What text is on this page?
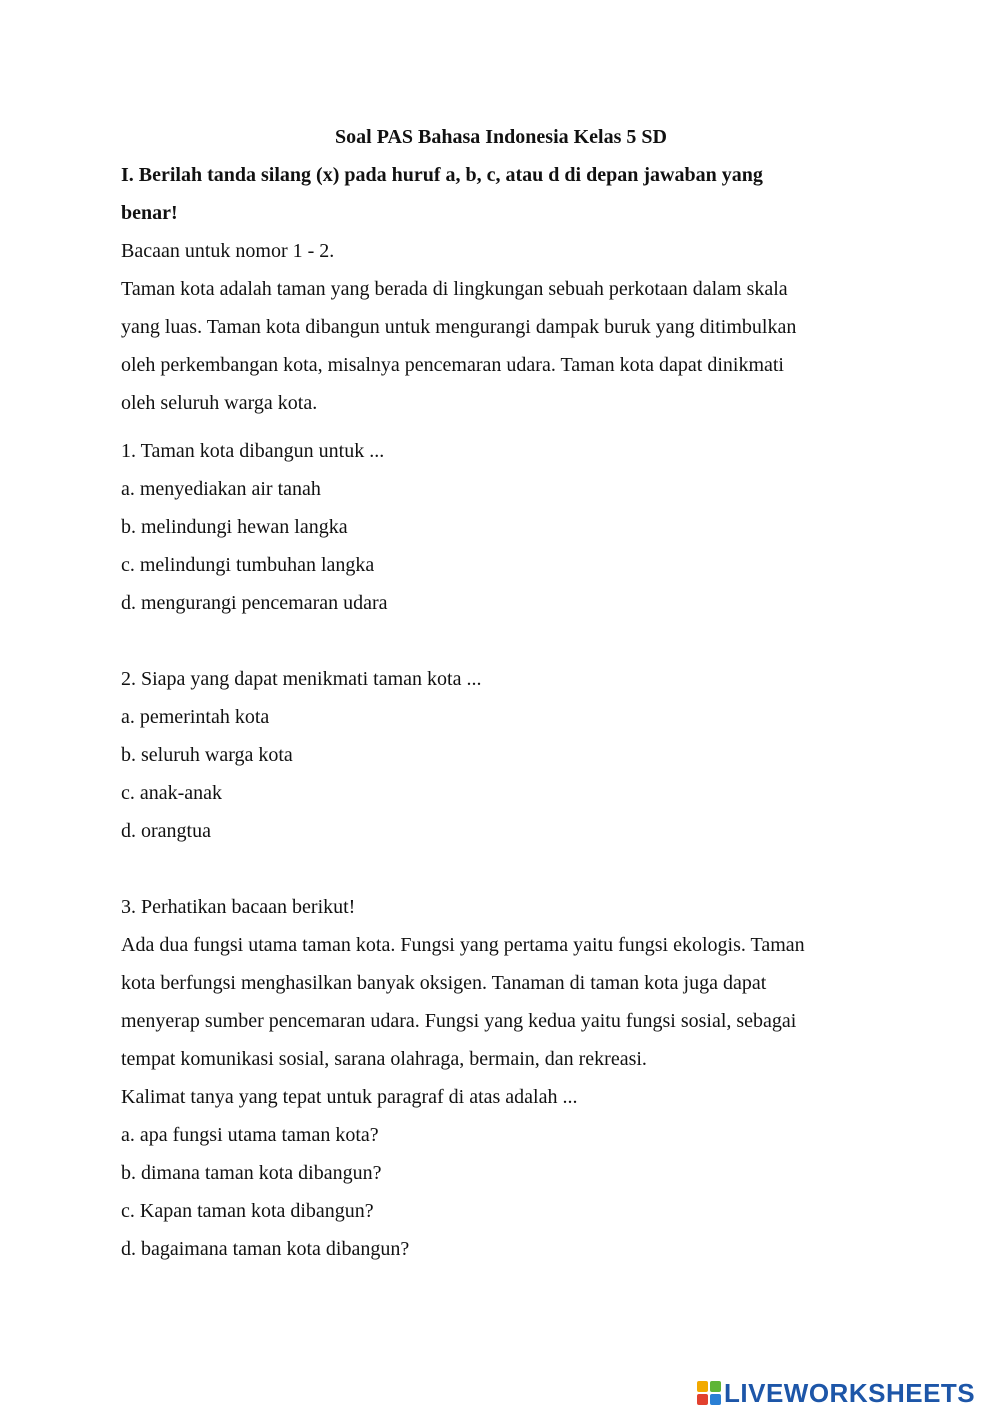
Soal PAS Bahasa Indonesia Kelas 5 SD
I. Berilah tanda silang (x) pada huruf a, b, c, atau d di depan jawaban yang
benar!
Bacaan untuk nomor 1 - 2.
Taman kota adalah taman yang berada di lingkungan sebuah perkotaan dalam skala
yang luas. Taman kota dibangun untuk mengurangi dampak buruk yang ditimbulkan
oleh perkembangan kota, misalnya pencemaran udara. Taman kota dapat dinikmati
oleh seluruh warga kota.
1. Taman kota dibangun untuk ...
a. menyediakan air tanah
b. melindungi hewan langka
c. melindungi tumbuhan langka
d. mengurangi pencemaran udara
2. Siapa yang dapat menikmati taman kota ...
a. pemerintah kota
b. seluruh warga kota
c. anak-anak
d. orangtua
3. Perhatikan bacaan berikut!
Ada dua fungsi utama taman kota. Fungsi yang pertama yaitu fungsi ekologis. Taman
kota berfungsi menghasilkan banyak oksigen. Tanaman di taman kota juga dapat
menyerap sumber pencemaran udara. Fungsi yang kedua yaitu fungsi sosial, sebagai
tempat komunikasi sosial, sarana olahraga, bermain, dan rekreasi.
Kalimat tanya yang tepat untuk paragraf di atas adalah ...
a. apa fungsi utama taman kota?
b. dimana taman kota dibangun?
c. Kapan taman kota dibangun?
d. bagaimana taman kota dibangun?
LIVEWORKSHEETS
